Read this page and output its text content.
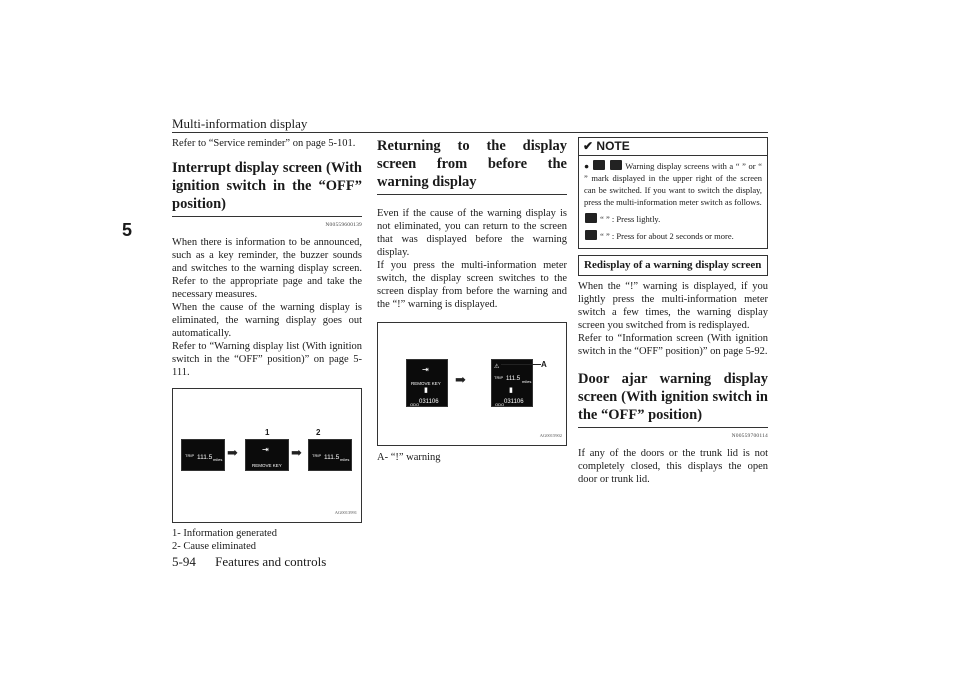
Multi-information display
5

Refer to “Service reminder” on page 5-101.

Interrupt display screen (With ignition switch in the “OFF” position)

N00559600139

When there is information to be announced, such as a key reminder, the buzzer sounds and switches to the warning display screen. Refer to the appropriate page and take the necessary measures.

When the cause of the warning display is eliminated, the warning display goes out automatically.

Refer to “Warning display list (With ignition switch in the “OFF” position)” on page 5-111.

1	2
TRIP 111.5 miles ➡	⇥
REMOVE KEY
➡	TRIP 111.5 miles
AG0013991

1- Information generated

2- Cause eliminated

Returning to the display screen from before the warning display

Even if the cause of the warning display is not eliminated, you can return to the screen that was displayed before the warning display.

If you press the multi-information meter switch, the display screen switches to the screen display from before the warning and the “!” warning is displayed.

⇥
REMOVE KEY
▮
ODO 031106
➡
⚠
TRIP 111.5 miles
▮
ODO 031106
A
AG0015902

A- “!” warning

✔ NOTE

●	Warning display screens with a “ ” or “ ” mark displayed in the upper right of the screen can be switched. If you want to switch the display, press the multi-information meter switch as follows.

“ ” : Press lightly.

“ ” : Press for about 2 seconds or more.

Redisplay of a warning display screen

When the “!” warning is displayed, if you lightly press the multi-information meter switch a few times, the warning display screen you switched from is redisplayed.

Refer to “Information screen (With ignition switch in the “OFF” position)” on page 5-92.

Door ajar warning display screen (With ignition switch in the “OFF” position)

N00559700114

If any of the doors or the trunk lid is not completely closed, this displays the open door or trunk lid.

5-94 Features and controls
